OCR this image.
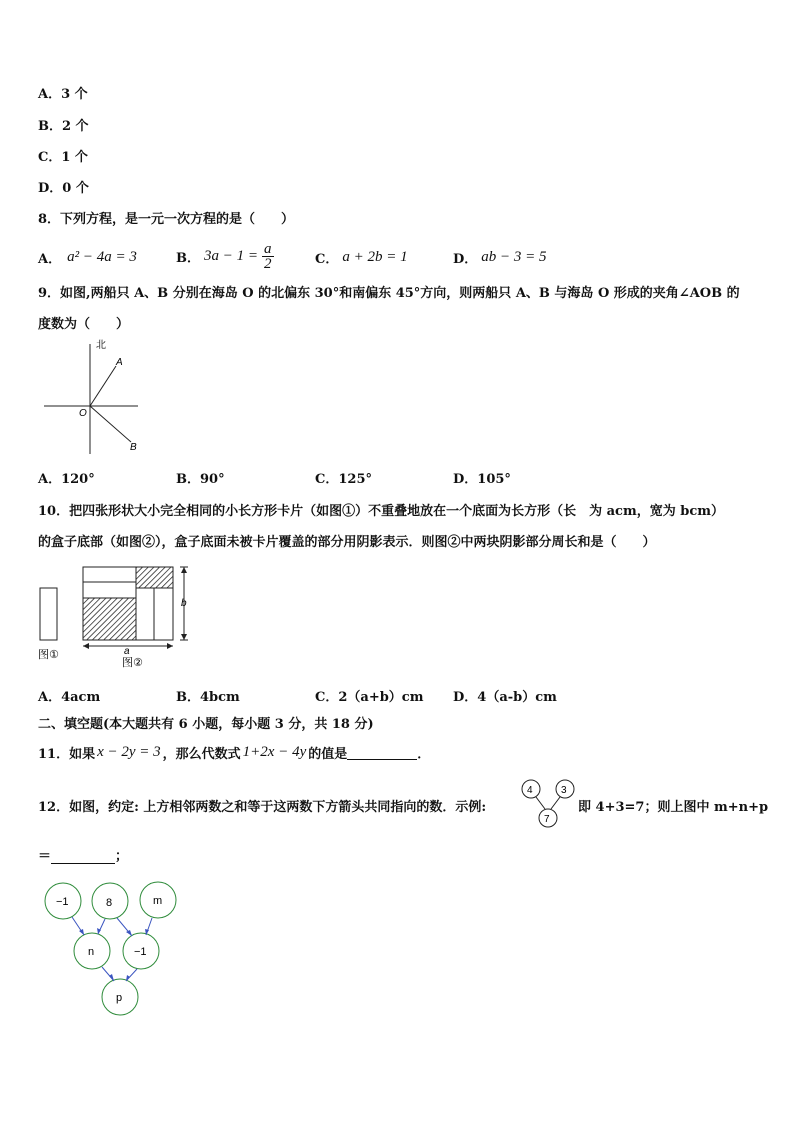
A．3 个
B．2 个
C．1 个
D．0 个
8．下列方程，是一元一次方程的是（　　）
A． a² − 4a = 3	B． $3a - 1 = \frac{a}{2}$	C． a + 2b = 1	D． ab − 3 = 5
9．如图,两船只 A、B 分别在海岛 O 的北偏东 30°和南偏东 45°方向，则两船只 A、B 与海岛 O 形成的夹角∠AOB 的
度数为（　　）
北
A
O
B
A．120°	B．90°	C．125°	D．105°
10．把四张形状大小完全相同的小长方形卡片（如图①）不重叠地放在一个底面为长方形（长　为 acm，宽为 bcm）
的盒子底部（如图②），盒子底面未被卡片覆盖的部分用阴影表示．则图②中两块阴影部分周长和是（　　）
图①
b
a
图②
A．4acm	B．4bcm	C．2（a+b）cm D．4（a-b）cm
二、填空题(本大题共有 6 小题，每小题 3 分，共 18 分)
11．如果 x − 2y = 3 ，那么代数式 1+2x − 4y 的值是	．
12．如图，约定: 上方相邻两数之和等于这两数下方箭头共同指向的数．示例:
4	3
7
即 4+3=7；则上图中 m+n+p
＝	；
−1	8	m
n	−1
p
